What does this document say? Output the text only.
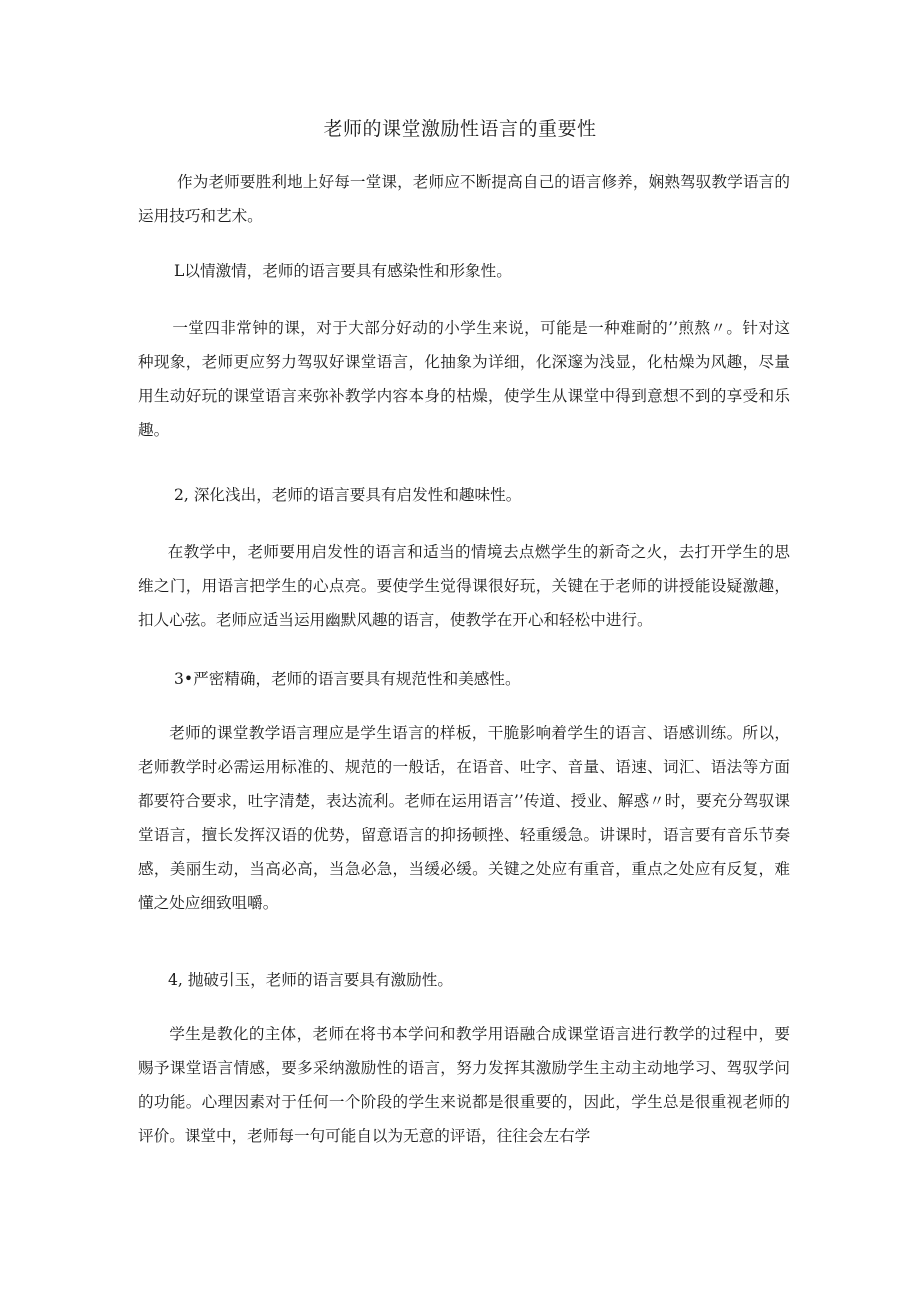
老师的课堂激励性语言的重要性

作为老师要胜利地上好每一堂课，老师应不断提高自己的语言修养，娴熟驾驭教学语言的运用技巧和艺术。

L以情激情，老师的语言要具有感染性和形象性。

一堂四非常钟的课，对于大部分好动的小学生来说，可能是一种难耐的’’煎熬〃。针对这种现象，老师更应努力驾驭好课堂语言，化抽象为详细，化深邃为浅显，化枯燥为风趣，尽量用生动好玩的课堂语言来弥补教学内容本身的枯燥，使学生从课堂中得到意想不到的享受和乐趣。

2, 深化浅出，老师的语言要具有启发性和趣味性。

在教学中，老师要用启发性的语言和适当的情境去点燃学生的新奇之火，去打开学生的思维之门，用语言把学生的心点亮。要使学生觉得课很好玩，关键在于老师的讲授能设疑激趣，扣人心弦。老师应适当运用幽默风趣的语言，使教学在开心和轻松中进行。

3•严密精确，老师的语言要具有规范性和美感性。

老师的课堂教学语言理应是学生语言的样板，干脆影响着学生的语言、语感训练。所以，老师教学时必需运用标准的、规范的一般话，在语音、吐字、音量、语速、词汇、语法等方面都要符合要求，吐字清楚，表达流利。老师在运用语言’’传道、授业、解惑〃时，要充分驾驭课堂语言，擅长发挥汉语的优势，留意语言的抑扬顿挫、轻重缓急。讲课时，语言要有音乐节奏感，美丽生动，当高必高，当急必急，当缓必缓。关键之处应有重音，重点之处应有反复，难懂之处应细致咀嚼。

4, 抛破引玉，老师的语言要具有激励性。

学生是教化的主体，老师在将书本学问和教学用语融合成课堂语言进行教学的过程中，要赐予课堂语言情感，要多采纳激励性的语言，努力发挥其激励学生主动主动地学习、驾驭学问的功能。心理因素对于任何一个阶段的学生来说都是很重要的，因此，学生总是很重视老师的评价。课堂中，老师每一句可能自以为无意的评语，往往会左右学
